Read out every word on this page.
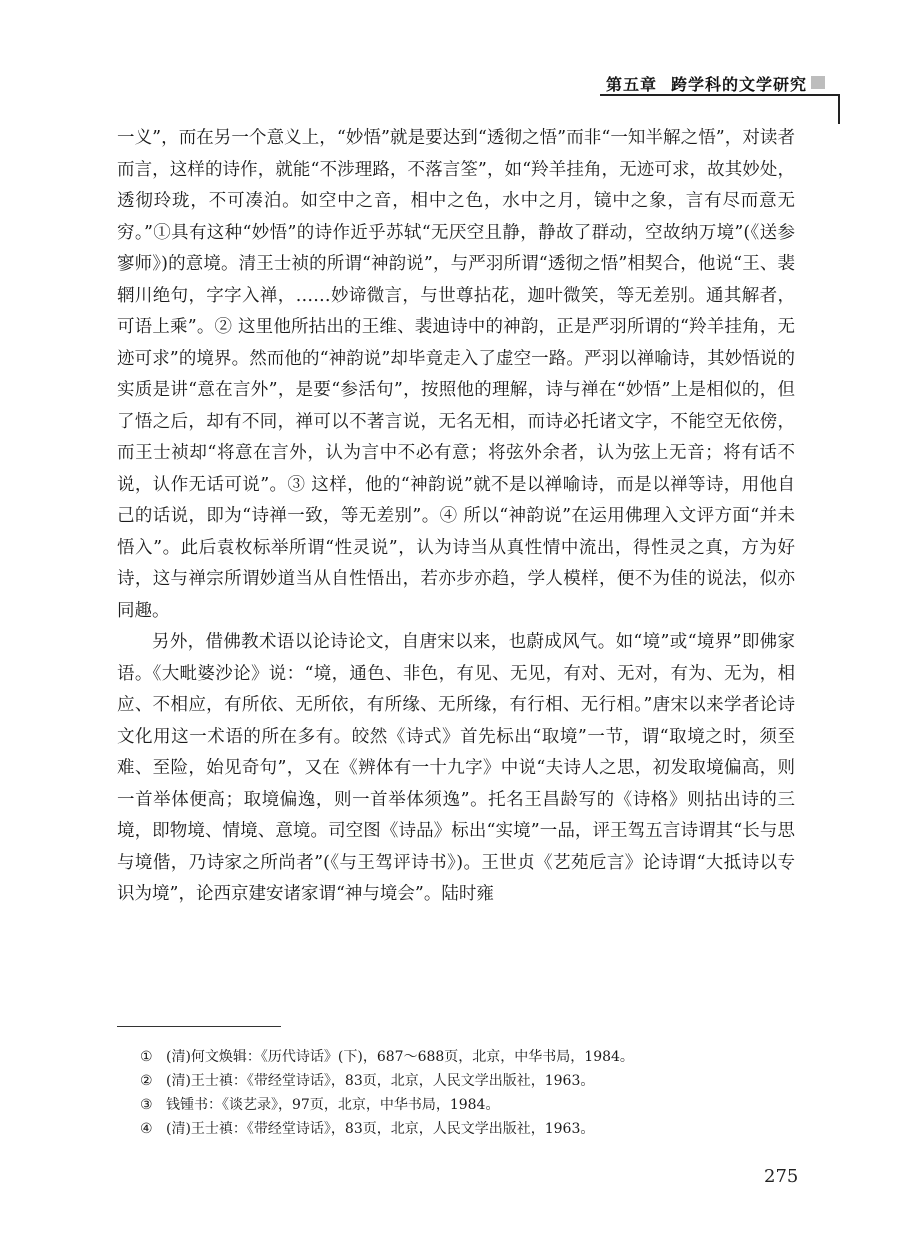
第五章 跨学科的文学研究

一义”，而在另一个意义上，“妙悟”就是要达到“透彻之悟”而非“一知半解之悟”，对读者而言，这样的诗作，就能“不涉理路，不落言筌”，如“羚羊挂角，无迹可求，故其妙处，透彻玲珑，不可凑泊。如空中之音，相中之色，水中之月，镜中之象，言有尽而意无穷。”①具有这种“妙悟”的诗作近乎苏轼“无厌空且静，静故了群动，空故纳万境”(《送参寥师》)的意境。清王士祯的所谓“神韵说”，与严羽所谓“透彻之悟”相契合，他说“王、裴辋川绝句，字字入禅，……妙谛微言，与世尊拈花，迦叶微笑，等无差别。通其解者，可语上乘”。② 这里他所拈出的王维、裴迪诗中的神韵，正是严羽所谓的“羚羊挂角，无迹可求”的境界。然而他的“神韵说”却毕竟走入了虚空一路。严羽以禅喻诗，其妙悟说的实质是讲“意在言外”，是要“参活句”，按照他的理解，诗与禅在“妙悟”上是相似的，但了悟之后，却有不同，禅可以不著言说，无名无相，而诗必托诸文字，不能空无依傍，而王士祯却“将意在言外，认为言中不必有意；将弦外余者，认为弦上无音；将有话不说，认作无话可说”。③ 这样，他的“神韵说”就不是以禅喻诗，而是以禅等诗，用他自己的话说，即为“诗禅一致，等无差别”。④ 所以“神韵说”在运用佛理入文评方面“并未悟入”。此后袁枚标举所谓“性灵说”，认为诗当从真性情中流出，得性灵之真，方为好诗，这与禅宗所谓妙道当从自性悟出，若亦步亦趋，学人模样，便不为佳的说法，似亦同趣。

另外，借佛教术语以论诗论文，自唐宋以来，也蔚成风气。如“境”或“境界”即佛家语。《大毗婆沙论》说：“境，通色、非色，有见、无见，有对、无对，有为、无为，相应、不相应，有所依、无所依，有所缘、无所缘，有行相、无行相。”唐宋以来学者论诗文化用这一术语的所在多有。皎然《诗式》首先标出“取境”一节，谓“取境之时，须至难、至险，始见奇句”，又在《辨体有一十九字》中说“夫诗人之思，初发取境偏高，则一首举体便高；取境偏逸，则一首举体须逸”。托名王昌龄写的《诗格》则拈出诗的三境，即物境、情境、意境。司空图《诗品》标出“实境”一品，评王驾五言诗谓其“长与思与境偕，乃诗家之所尚者”(《与王驾评诗书》)。王世贞《艺苑卮言》论诗谓“大抵诗以专识为境”，论西京建安诸家谓“神与境会”。陆时雍

① (清)何文焕辑：《历代诗话》(下)，687～688页，北京，中华书局，1984。
② (清)王士禛：《带经堂诗话》，83页，北京，人民文学出版社，1963。
③ 钱锺书：《谈艺录》，97页，北京，中华书局，1984。
④ (清)王士禛：《带经堂诗话》，83页，北京，人民文学出版社，1963。
275
